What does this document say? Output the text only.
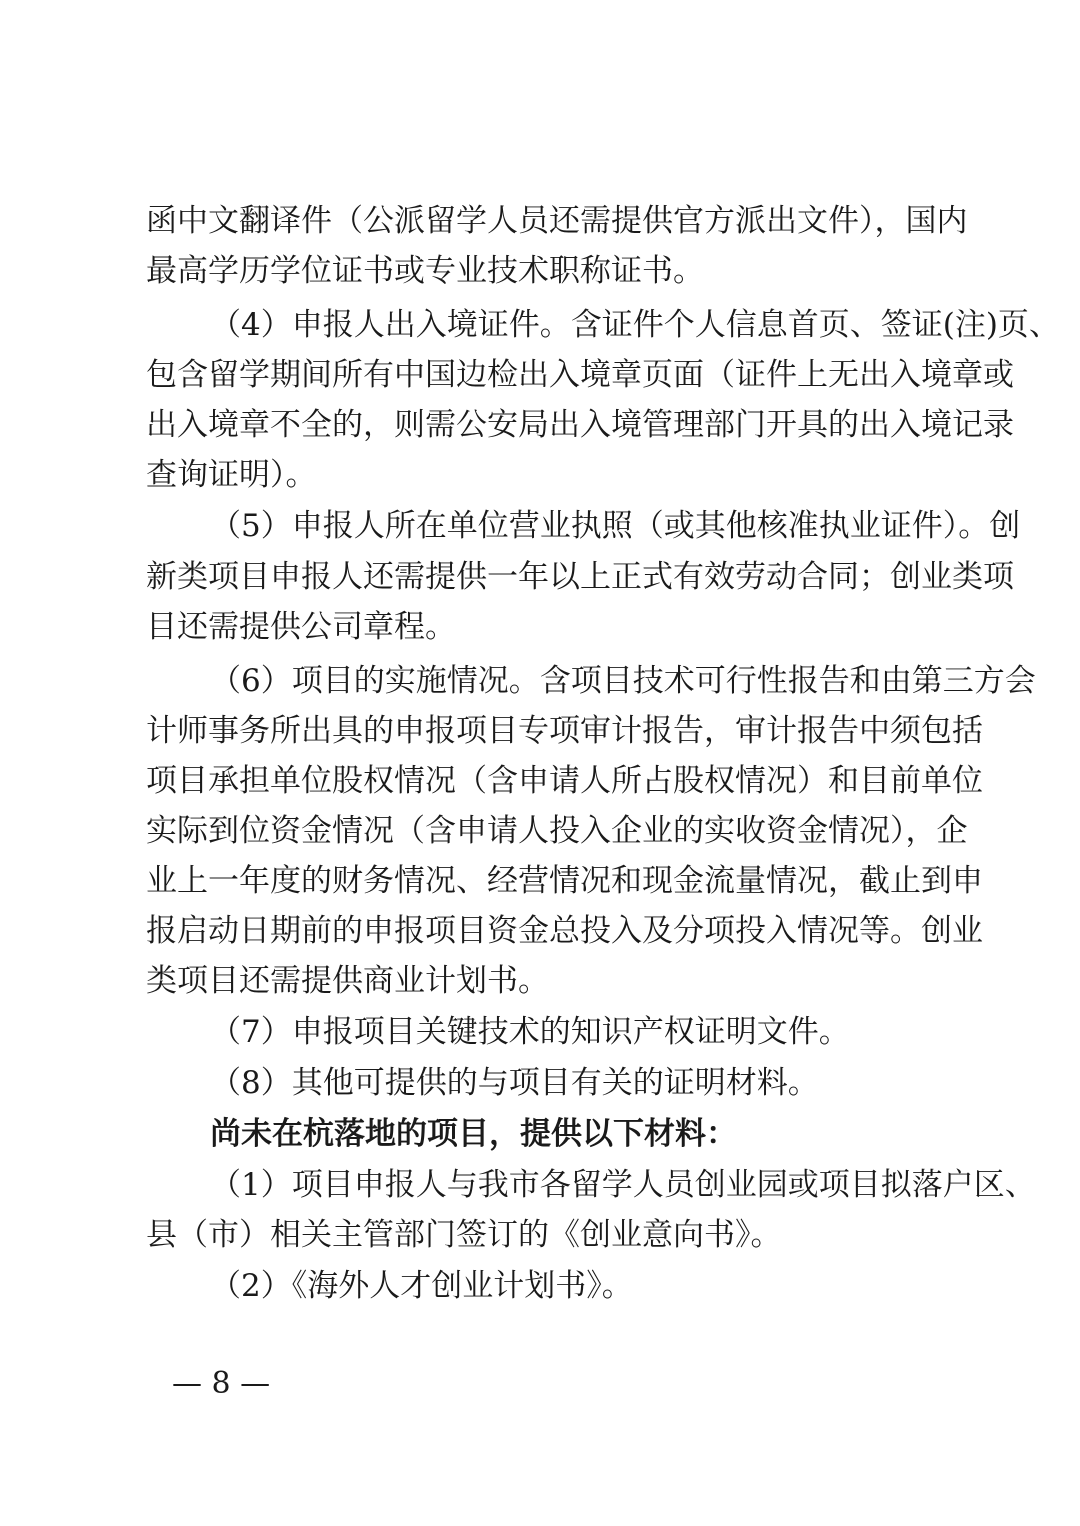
函中文翻译件（公派留学人员还需提供官方派出文件），国内
最高学历学位证书或专业技术职称证书。
（4）申报人出入境证件。含证件个人信息首页、签证(注)页、
包含留学期间所有中国边检出入境章页面（证件上无出入境章或
出入境章不全的，则需公安局出入境管理部门开具的出入境记录
查询证明）。
（5）申报人所在单位营业执照（或其他核准执业证件）。创
新类项目申报人还需提供一年以上正式有效劳动合同；创业类项
目还需提供公司章程。
（6）项目的实施情况。含项目技术可行性报告和由第三方会
计师事务所出具的申报项目专项审计报告，审计报告中须包括
项目承担单位股权情况（含申请人所占股权情况）和目前单位
实际到位资金情况（含申请人投入企业的实收资金情况），企
业上一年度的财务情况、经营情况和现金流量情况，截止到申
报启动日期前的申报项目资金总投入及分项投入情况等。创业
类项目还需提供商业计划书。
（7）申报项目关键技术的知识产权证明文件。
（8）其他可提供的与项目有关的证明材料。
尚未在杭落地的项目，提供以下材料：
（1）项目申报人与我市各留学人员创业园或项目拟落户区、
县（市）相关主管部门签订的《创业意向书》。
（2）《海外人才创业计划书》。
— 8 —
